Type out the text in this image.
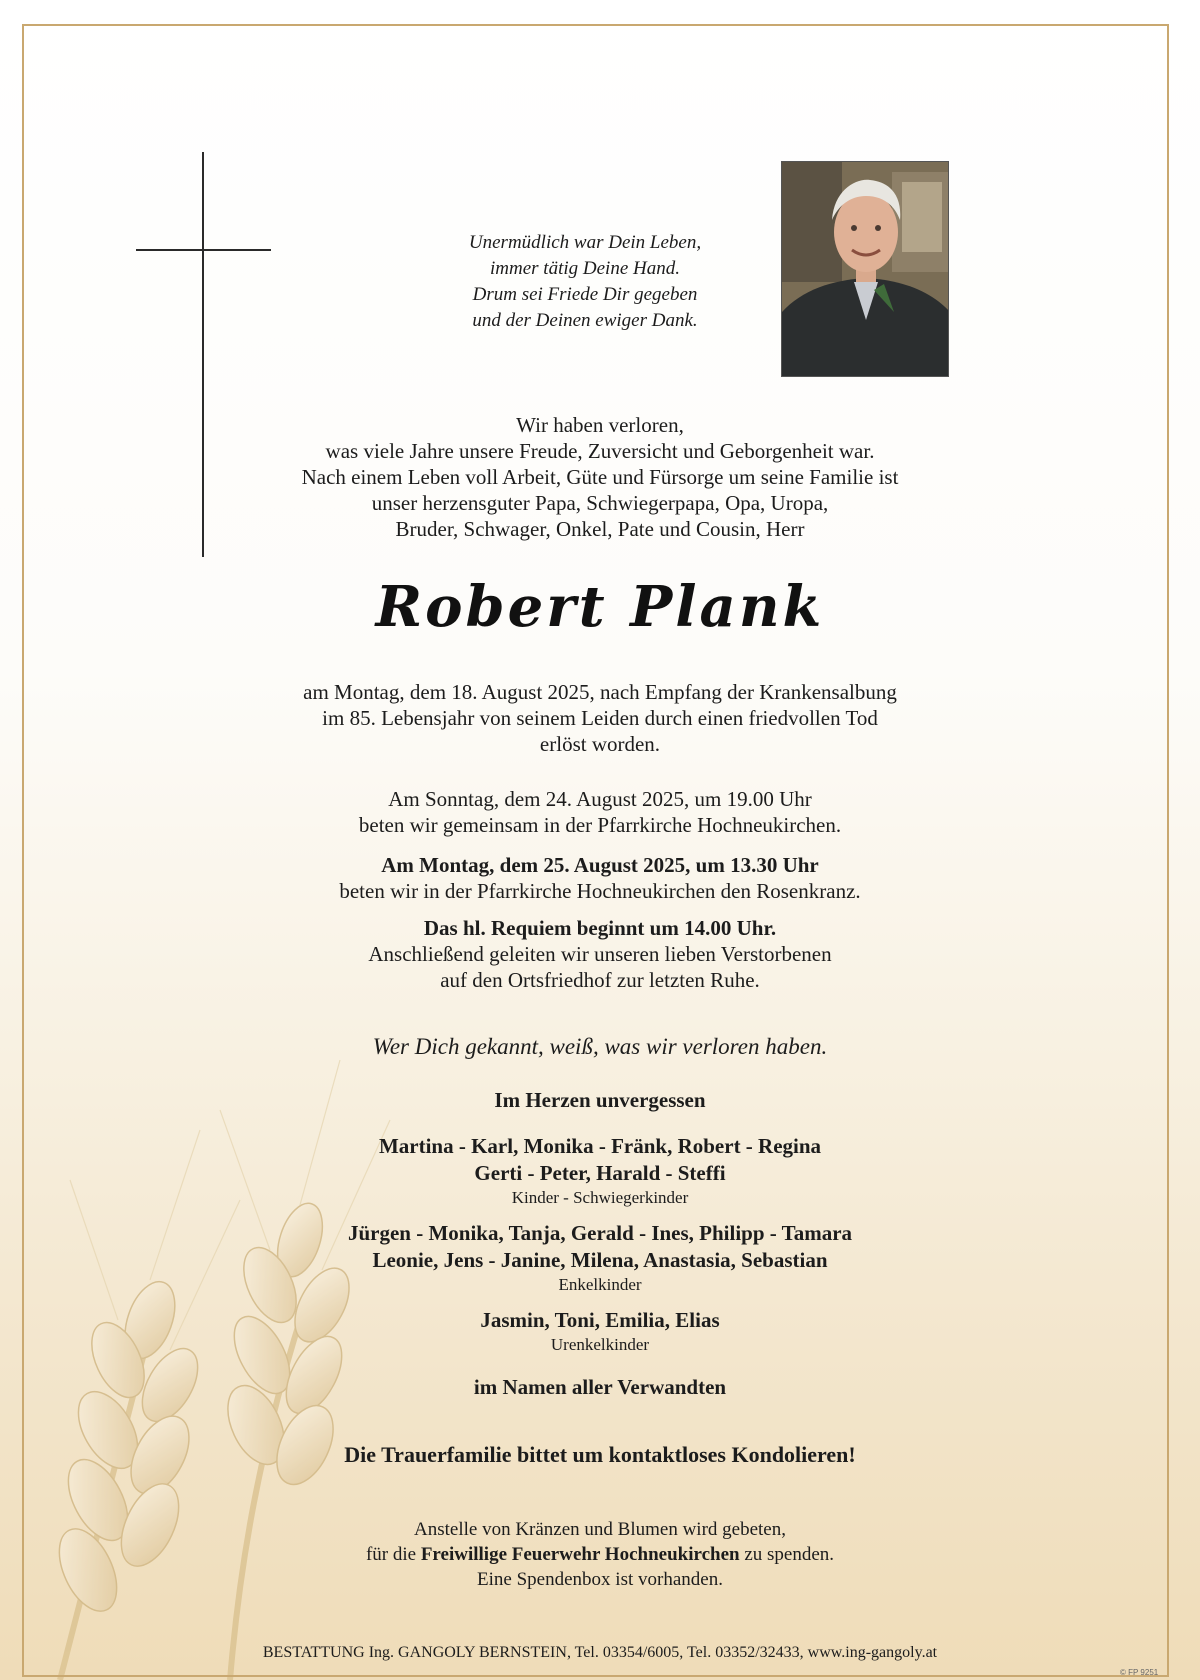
Unermüdlich war Dein Leben,
immer tätig Deine Hand.
Drum sei Friede Dir gegeben
und der Deinen ewiger Dank.
Wir haben verloren,
was viele Jahre unsere Freude, Zuversicht und Geborgenheit war.
Nach einem Leben voll Arbeit, Güte und Fürsorge um seine Familie ist
unser herzensguter Papa, Schwiegerpapa, Opa, Uropa,
Bruder, Schwager, Onkel, Pate und Cousin, Herr
Robert Plank
am Montag, dem 18. August 2025, nach Empfang der Krankensalbung
im 85. Lebensjahr von seinem Leiden durch einen friedvollen Tod
erlöst worden.
Am Sonntag, dem 24. August 2025, um 19.00 Uhr
beten wir gemeinsam in der Pfarrkirche Hochneukirchen.
Am Montag, dem 25. August 2025, um 13.30 Uhr
beten wir in der Pfarrkirche Hochneukirchen den Rosenkranz.
Das hl. Requiem beginnt um 14.00 Uhr.
Anschließend geleiten wir unseren lieben Verstorbenen
auf den Ortsfriedhof zur letzten Ruhe.
Wer Dich gekannt, weiß, was wir verloren haben.
Im Herzen unvergessen
Martina - Karl, Monika - Fränk, Robert - Regina
Gerti - Peter, Harald - Steffi
Kinder - Schwiegerkinder
Jürgen - Monika, Tanja, Gerald - Ines, Philipp - Tamara
Leonie, Jens - Janine, Milena, Anastasia, Sebastian
Enkelkinder
Jasmin, Toni, Emilia, Elias
Urenkelkinder
im Namen aller Verwandten
Die Trauerfamilie bittet um kontaktloses Kondolieren!
Anstelle von Kränzen und Blumen wird gebeten,
für die Freiwillige Feuerwehr Hochneukirchen zu spenden.
Eine Spendenbox ist vorhanden.
BESTATTUNG Ing. GANGOLY BERNSTEIN, Tel. 03354/6005, Tel. 03352/32433, www.ing-gangoly.at
© FP 9251
